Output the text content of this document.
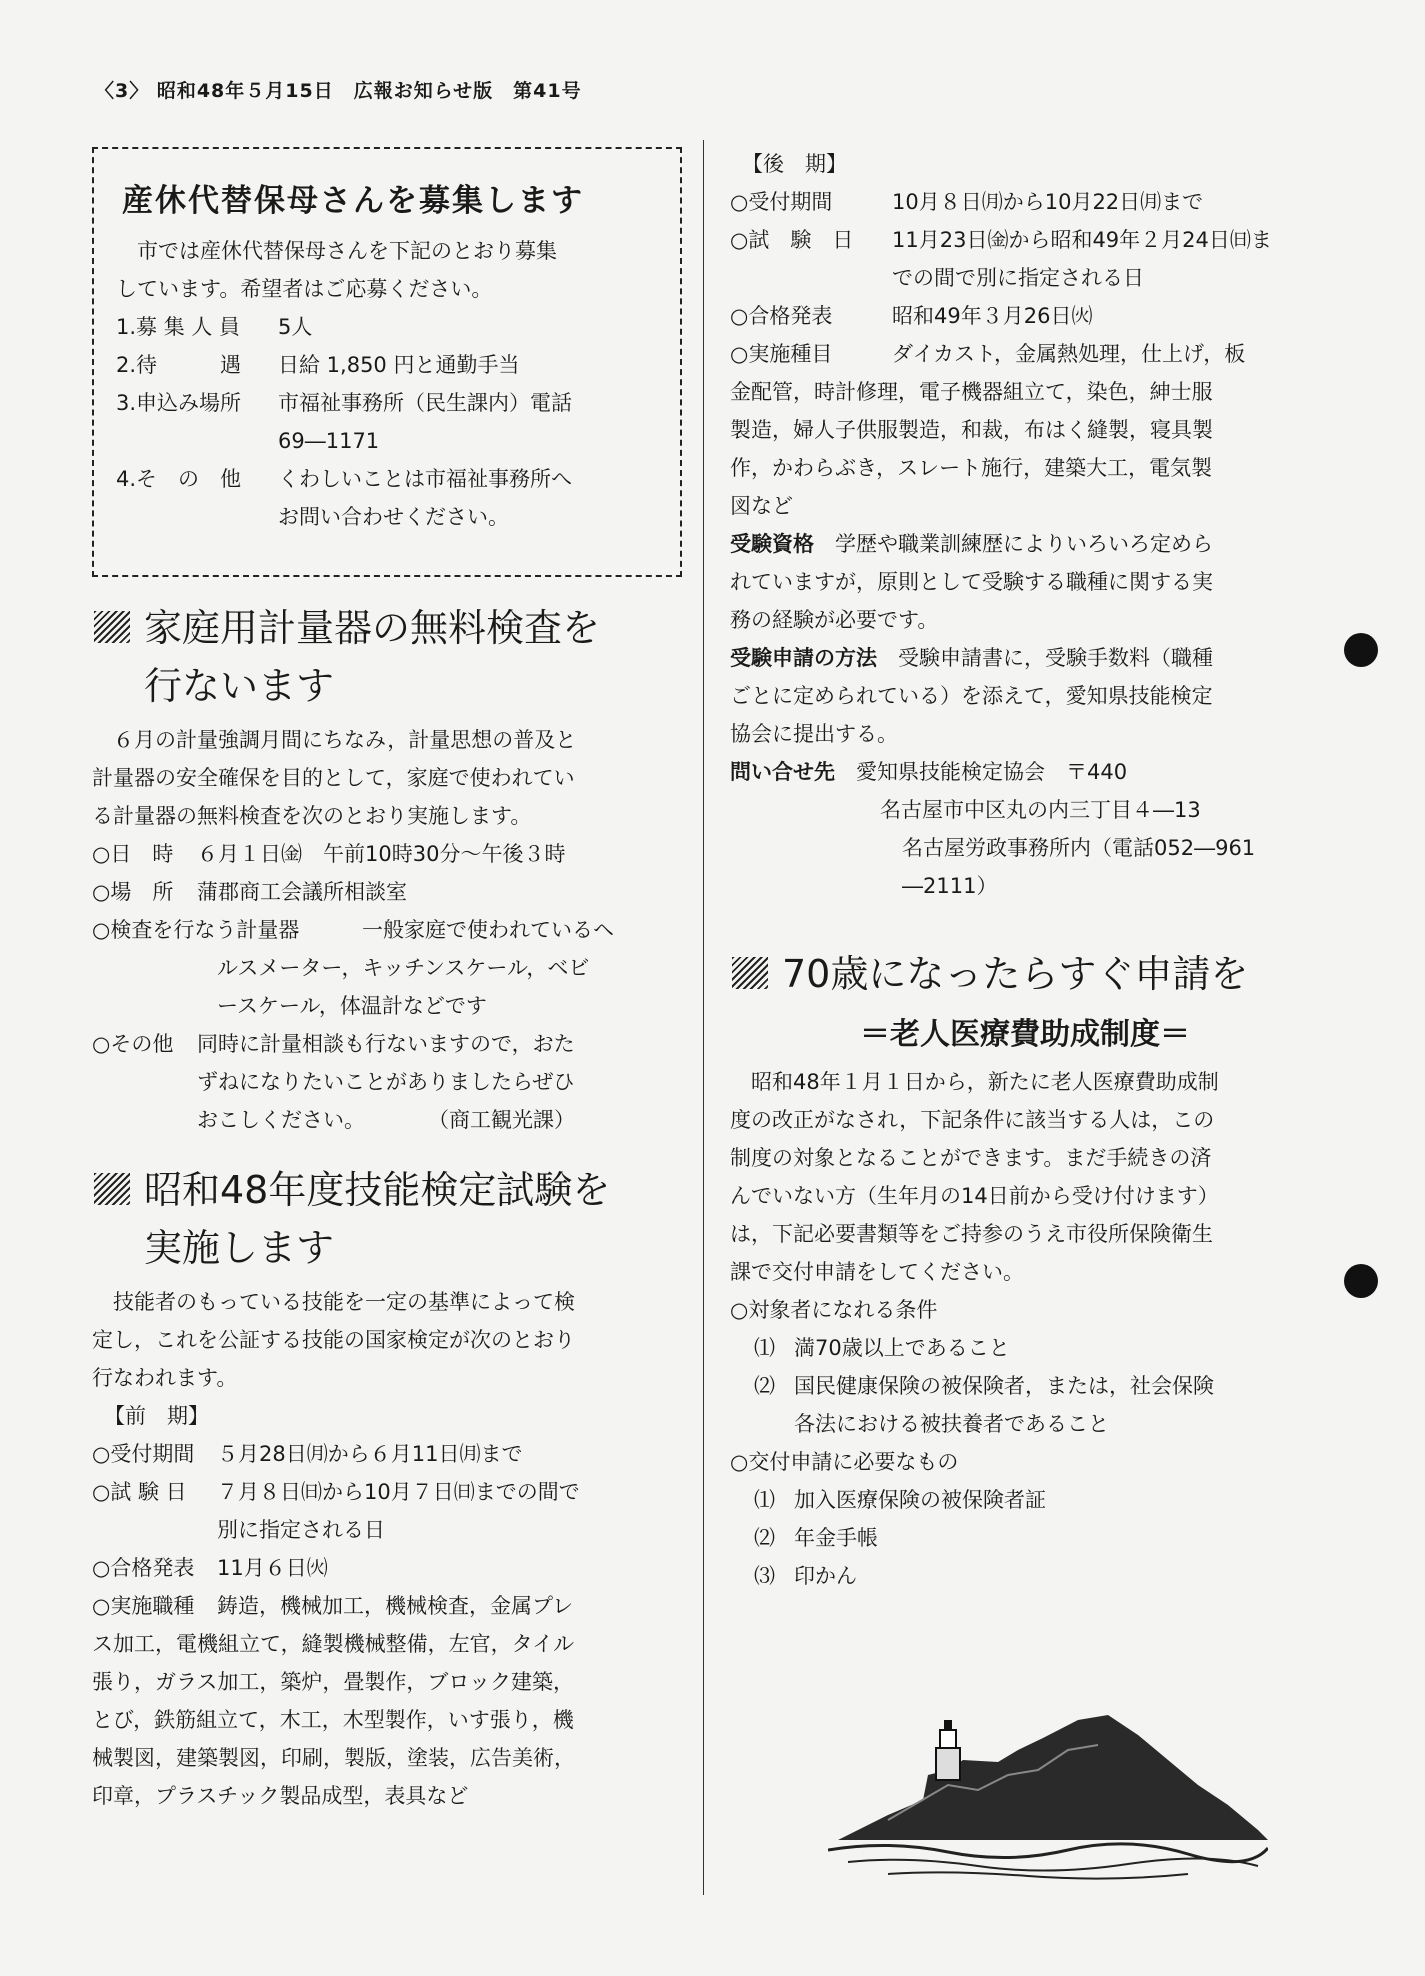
〈3〉 昭和48年５月15日　広報お知らせ版　第41号
産休代替保母さんを募集します

市では産休代替保母さんを下記のとおり募集

しています。希望者はご応募ください。

1.募 集 人 員	5人
2.待　　　遇	日給 1,850 円と通勤手当
3.申込み場所	市福祉事務所（民生課内）電話
69―1171
4.そ　の　他	くわしいことは市福祉事務所へ
お問い合わせください。
家庭用計量器の無料検査を
行ないます

６月の計量強調月間にちなみ，計量思想の普及と

計量器の安全確保を目的として，家庭で使われてい

る計量器の無料検査を次のとおり実施します。

○日　時	６月１日㈮　午前10時30分～午後３時
○場　所	蒲郡商工会議所相談室
○検査を行なう計量器	一般家庭で使われているヘ
ルスメーター，キッチンスケール，ベビ
ースケール，体温計などです
○その他	同時に計量相談も行ないますので，おた
ずねになりたいことがありましたらぜひ
おこしください。　　　　（商工観光課）
昭和48年度技能検定試験を
実施します

技能者のもっている技能を一定の基準によって検

定し，これを公証する技能の国家検定が次のとおり

行なわれます。

【前　期】

○受付期間	５月28日㈪から６月11日㈪まで
○試 験 日	７月８日㈰から10月７日㈰までの間で
別に指定される日
○合格発表	11月６日㈫
○実施職種	鋳造，機械加工，機械検査，金属プレ

ス加工，電機組立て，縫製機械整備，左官，タイル

張り，ガラス加工，築炉，畳製作，ブロック建築，

とび，鉄筋組立て，木工，木型製作，いす張り，機

械製図，建築製図，印刷，製版，塗装，広告美術，

印章，プラスチック製品成型，表具など

【後　期】

○受付期間	10月８日㈪から10月22日㈪まで
○試　験　日	11月23日㈮から昭和49年２月24日㈰ま
での間で別に指定される日
○合格発表	昭和49年３月26日㈫
○実施種目	ダイカスト，金属熱処理，仕上げ，板

金配管，時計修理，電子機器組立て，染色，紳士服

製造，婦人子供服製造，和裁，布はく縫製，寝具製

作，かわらぶき，スレート施行，建築大工，電気製

図など

受験資格　学歴や職業訓練歴によりいろいろ定めら

れていますが，原則として受験する職種に関する実

務の経験が必要です。

受験申請の方法　受験申請書に，受験手数料（職種

ごとに定められている）を添えて，愛知県技能検定

協会に提出する。

問い合せ先　愛知県技能検定協会　〒440

名古屋市中区丸の内三丁目４―13

名古屋労政事務所内（電話052―961

―2111）

70歳になったらすぐ申請を
＝老人医療費助成制度＝

昭和48年１月１日から，新たに老人医療費助成制

度の改正がなされ，下記条件に該当する人は，この

制度の対象となることができます。まだ手続きの済

んでいない方（生年月の14日前から受け付けます）

は，下記必要書類等をご持参のうえ市役所保険衛生

課で交付申請をしてください。

○対象者になれる条件

⑴ 満70歳以上であること
⑵ 国民健康保険の被保険者，または，社会保険
各法における被扶養者であること

○交付申請に必要なもの

⑴ 加入医療保険の被保険者証
⑵ 年金手帳
⑶ 印かん
